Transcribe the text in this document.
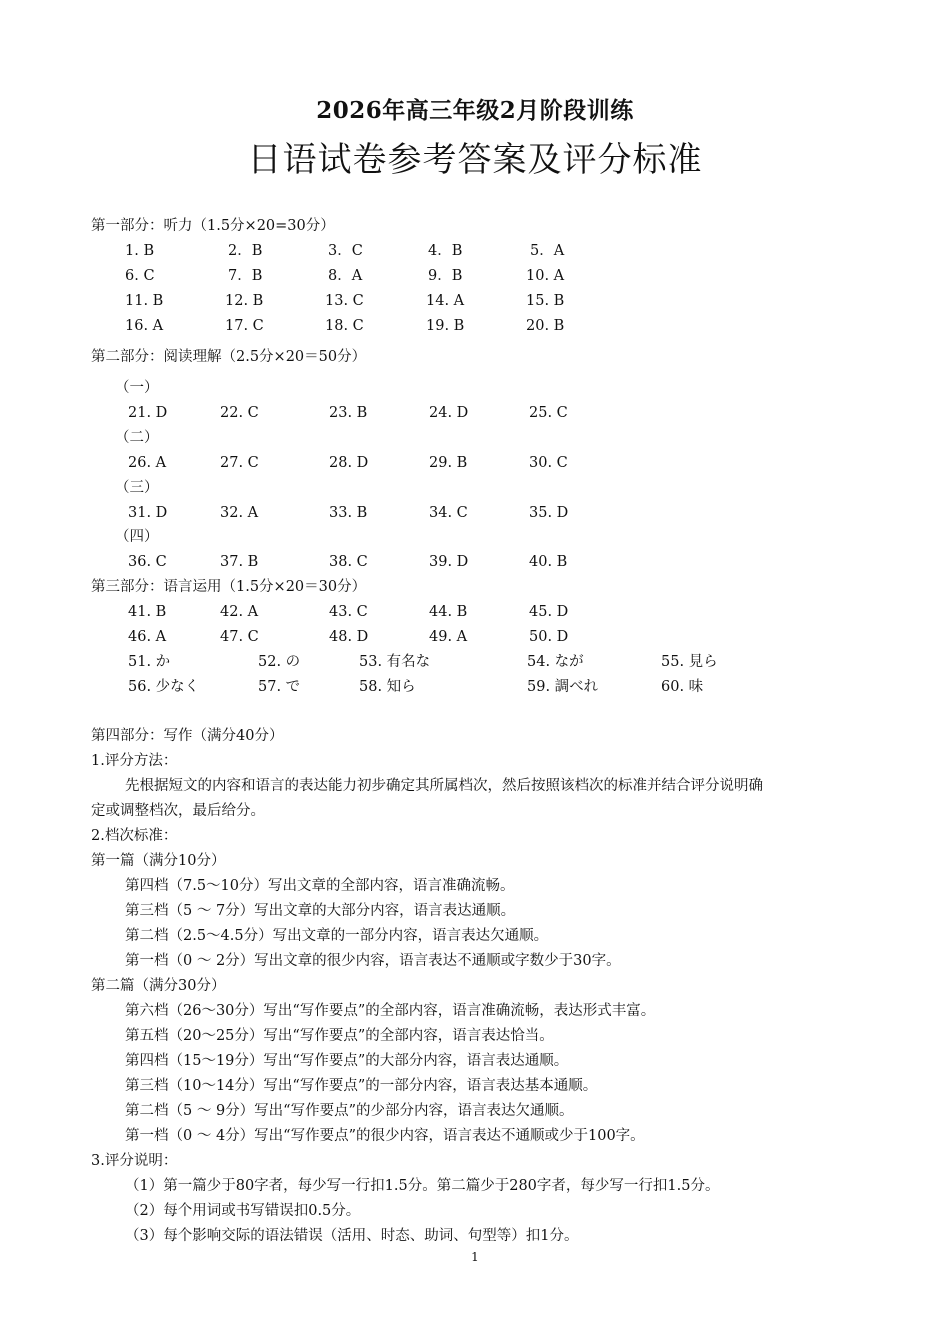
2026年高三年级2月阶段训练
日语试卷参考答案及评分标准
第一部分：听力（1.5分×20=30分）
1. B	2．B	3．C	4．B	5．A
6. C	7．B	8．A	9．B	10. A
11. B	12. B	13. C	14. A	15. B
16. A	17. C	18. C	19. B	20. B
第二部分：阅读理解（2.5分×20＝50分）
（一）
21. D	22. C	23. B	24. D	25. C
（二）
26. A	27. C	28. D	29. B	30. C
（三）
31. D	32. A	33. B	34. C	35. D
（四）
36. C	37. B	38. C	39. D	40. B
第三部分：语言运用（1.5分×20＝30分）
41. B	42. A	43. C	44. B	45. D
46. A	47. C	48. D	49. A	50. D
51. か	52. の	53. 有名な	54. なが	55. 見ら
56. 少なく	57. で	58. 知ら	59. 調べれ	60. 味
第四部分：写作（满分40分）
1.评分方法：
先根据短文的内容和语言的表达能力初步确定其所属档次，然后按照该档次的标准并结合评分说明确
定或调整档次，最后给分。
2.档次标准：
第一篇（满分10分）
第四档（7.5～10分）写出文章的全部内容，语言准确流畅。
第三档（5 ～ 7分）写出文章的大部分内容，语言表达通顺。
第二档（2.5～4.5分）写出文章的一部分内容，语言表达欠通顺。
第一档（0 ～ 2分）写出文章的很少内容，语言表达不通顺或字数少于30字。
第二篇（满分30分）
第六档（26～30分）写出“写作要点”的全部内容，语言准确流畅，表达形式丰富。
第五档（20～25分）写出“写作要点”的全部内容，语言表达恰当。
第四档（15～19分）写出“写作要点”的大部分内容，语言表达通顺。
第三档（10～14分）写出“写作要点”的一部分内容，语言表达基本通顺。
第二档（5 ～ 9分）写出“写作要点”的少部分内容，语言表达欠通顺。
第一档（0 ～ 4分）写出“写作要点”的很少内容，语言表达不通顺或少于100字。
3.评分说明：
（1）第一篇少于80字者，每少写一行扣1.5分。第二篇少于280字者，每少写一行扣1.5分。
（2）每个用词或书写错误扣0.5分。
（3）每个影响交际的语法错误（活用、时态、助词、句型等）扣1分。
1
